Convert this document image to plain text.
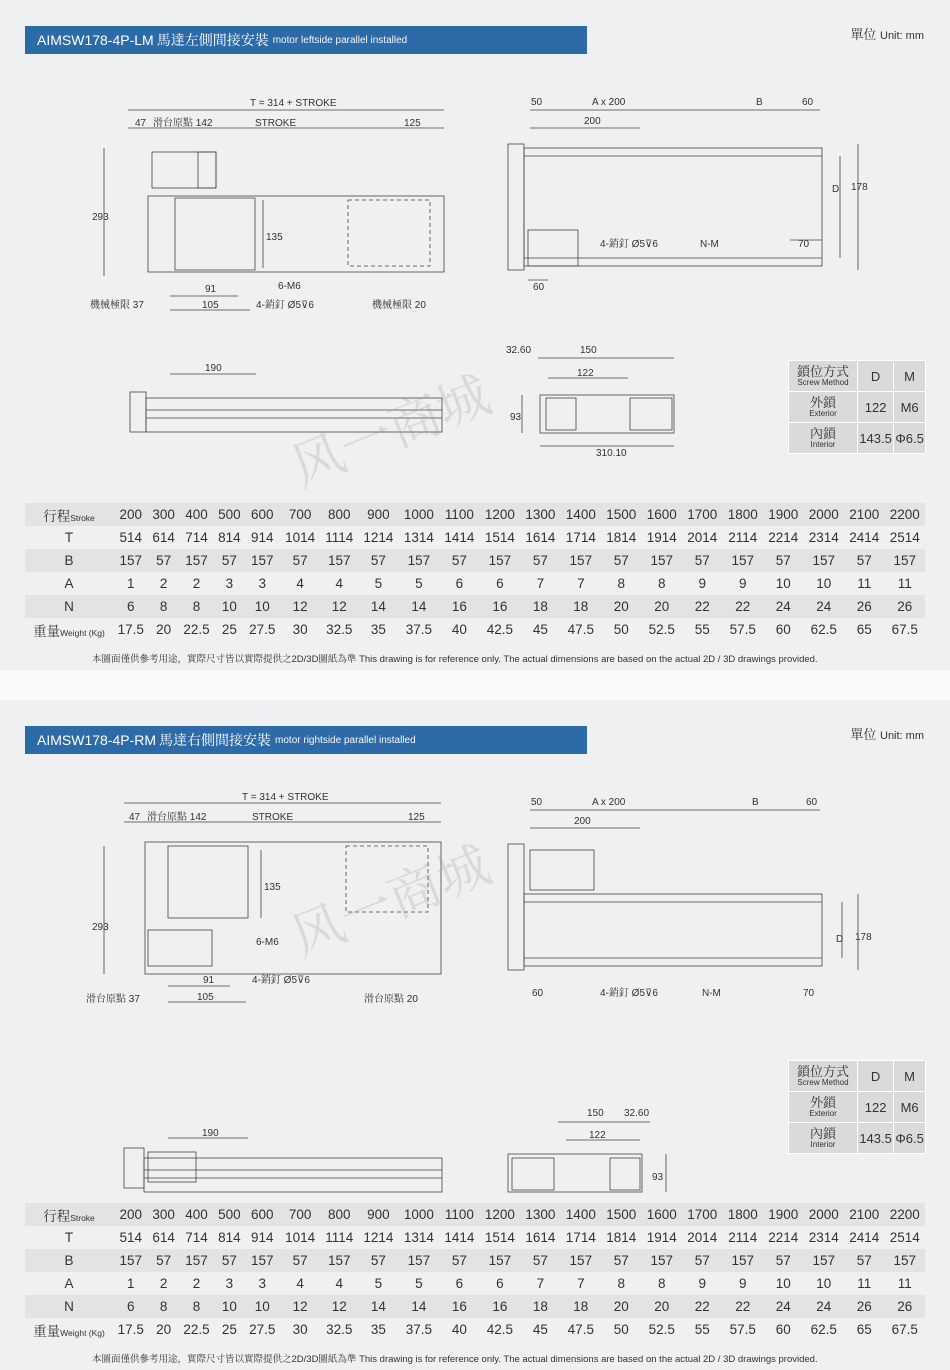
AIMSW178-4P-LM 馬達左側間接安裝 motor leftside parallel installed	單位 Unit: mm
T = 314 + STROKE
47 滑台原點 142	STROKE	125
293
135
91
105
6-M6
4-銷釘 Ø5⊽6
機械極限 37	機械極限 20
50	A x 200	B	60
200
D 178
4-銷釘 Ø5⊽6	N-M	70
60
190
32.60	150
122
93
310.10
风一商城	鎖位方式
Screw Method	D	M
外鎖
Exterior	122	M6
內鎖
Interior	143.5	Φ6.5
行程Stroke	200	300	400	500	600	700	800	900	1000	1100	1200	1300	1400	1500	1600	1700	1800	1900	2000	2100	2200
T	514	614	714	814	914	1014	1114	1214	1314	1414	1514	1614	1714	1814	1914	2014	2114	2214	2314	2414	2514
B	157	57	157	57	157	57	157	57	157	57	157	57	157	57	157	57	157	57	157	57	157
A	1	2	2	3	3	4	4	5	5	6	6	7	7	8	8	9	9	10	10	11	11
N	6	8	8	10	10	12	12	14	14	16	16	18	18	20	20	22	22	24	24	26	26
重量Weight (Kg)	17.5	20	22.5	25	27.5	30	32.5	35	37.5	40	42.5	45	47.5	50	52.5	55	57.5	60	62.5	65	67.5
本圖面僅供參考用途，實際尺寸皆以實際提供之2D/3D圖紙為準 This drawing is for reference only. The actual dimensions are based on the actual 2D / 3D drawings provided.
AIMSW178-4P-RM 馬達右側間接安裝 motor rightside parallel installed	單位 Unit: mm
T = 314 + STROKE
47 滑台原點 142	STROKE	125
293
135
91
105
6-M6
4-銷釘 Ø5⊽6
滑台原點 37	滑台原點 20
50	A x 200	B	60
200
D 178
4-銷釘 Ø5⊽6	N-M	70
60
190
32.60
150
122
93
风一商城
鎖位方式
Screw Method	D	M
外鎖
Exterior	122	M6
內鎖
Interior	143.5	Φ6.5
行程Stroke	200	300	400	500	600	700	800	900	1000	1100	1200	1300	1400	1500	1600	1700	1800	1900	2000	2100	2200
T	514	614	714	814	914	1014	1114	1214	1314	1414	1514	1614	1714	1814	1914	2014	2114	2214	2314	2414	2514
B	157	57	157	57	157	57	157	57	157	57	157	57	157	57	157	57	157	57	157	57	157
A	1	2	2	3	3	4	4	5	5	6	6	7	7	8	8	9	9	10	10	11	11
N	6	8	8	10	10	12	12	14	14	16	16	18	18	20	20	22	22	24	24	26	26
重量Weight (Kg)	17.5	20	22.5	25	27.5	30	32.5	35	37.5	40	42.5	45	47.5	50	52.5	55	57.5	60	62.5	65	67.5
本圖面僅供參考用途，實際尺寸皆以實際提供之2D/3D圖紙為準 This drawing is for reference only. The actual dimensions are based on the actual 2D / 3D drawings provided.
